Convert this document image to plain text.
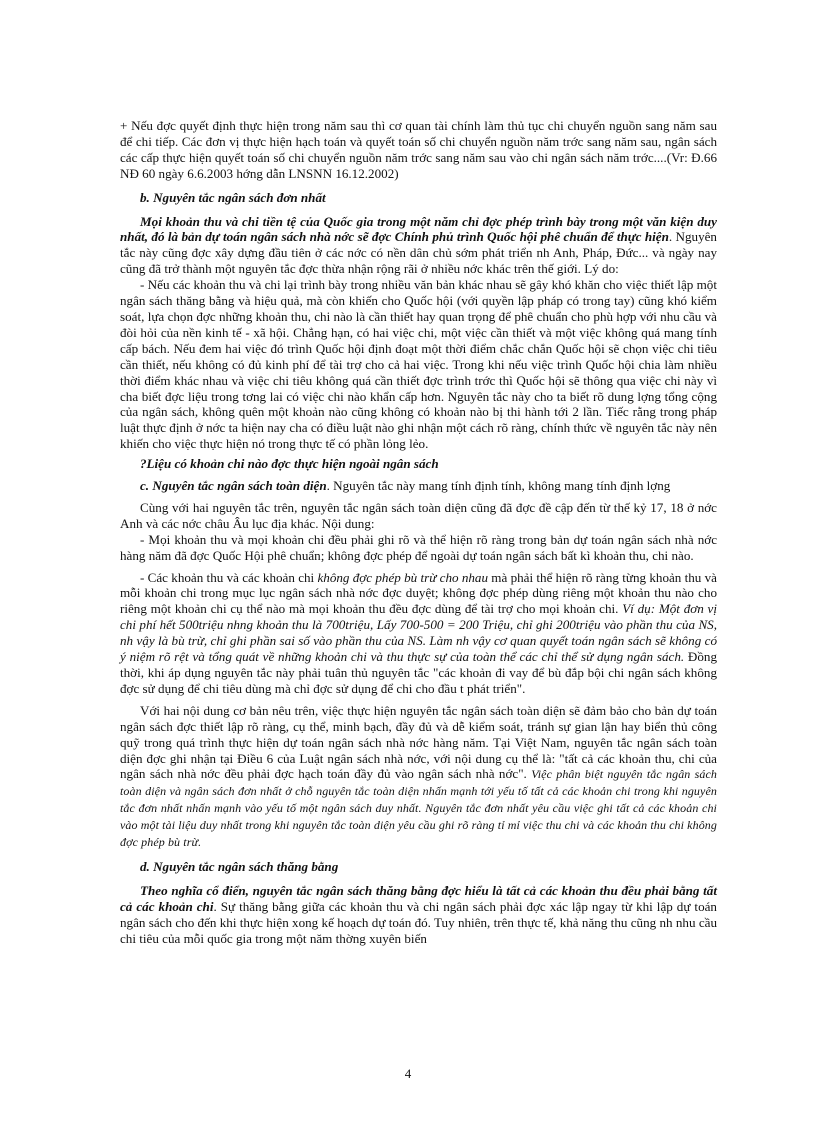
+ Nếu đợc quyết định thực hiện trong năm sau thì cơ quan tài chính làm thủ tục chi chuyển nguồn sang năm sau để chi tiếp. Các đơn vị thực hiện hạch toán và quyết toán số chi chuyển nguồn năm trớc sang năm sau, ngân sách các cấp thực hiện quyết toán số chi chuyển nguồn năm trớc sang năm sau vào chi ngân sách năm trớc....(Vr: Đ.66 NĐ 60 ngày 6.6.2003 hớng dẫn LNSNN 16.12.2002)

b. Nguyên tắc ngân sách đơn nhất

Mọi khoản thu và chi tiền tệ của Quốc gia trong một năm chỉ đợc phép trình bày trong một văn kiện duy nhất, đó là bản dự toán ngân sách nhà nớc sẽ đợc Chính phủ trình Quốc hội phê chuẩn để thực hiện. Nguyên tắc này cũng đợc xây dựng đầu tiên ở các nớc có nền dân chủ sớm phát triển nh Anh, Pháp, Đức... và ngày nay cũng đã trở thành một nguyên tắc đợc thừa nhận rộng rãi ở nhiều nớc khác trên thế giới. Lý do:

- Nếu các khoản thu và chi lại trình bày trong nhiều văn bản khác nhau sẽ gây khó khăn cho việc thiết lập một ngân sách thăng bằng và hiệu quả, mà còn khiến cho Quốc hội (với quyền lập pháp có trong tay) cũng khó kiểm soát, lựa chọn đợc những khoản thu, chi nào là cần thiết hay quan trọng để phê chuẩn cho phù hợp với nhu cầu và đòi hỏi của nền kinh tế - xã hội. Chẳng hạn, có hai việc chi, một việc cần thiết và một việc không quá mang tính cấp bách. Nếu đem hai việc đó trình Quốc hội định đoạt một thời điểm chắc chắn Quốc hội sẽ chọn việc chi tiêu cần thiết, nếu không có đủ kinh phí để tài trợ cho cả hai việc. Trong khi nếu việc trình Quốc hội chia làm nhiều thời điểm khác nhau và việc chi tiêu không quá cần thiết đợc trình trớc thì Quốc hội sẽ thông qua việc chi này vì cha biết đợc liệu trong tơng lai có việc chi nào khẩn cấp hơn. Nguyên tắc này cho ta biết rõ dung lợng tổng cộng của ngân sách, không quên một khoản nào cũng không có khoản nào bị thi hành tới 2 lần. Tiếc rằng trong pháp luật thực định ở nớc ta hiện nay cha có điều luật nào ghi nhận một cách rõ ràng, chính thức về nguyên tắc này nên khiến cho việc thực hiện nó trong thực tế có phần lỏng lẻo.

?Liệu có khoản chi nào đợc thực hiện ngoài ngân sách

c. Nguyên tắc ngân sách toàn diện. Nguyên tắc này mang tính định tính, không mang tính định lợng

Cùng với hai nguyên tắc trên, nguyên tắc ngân sách toàn diện cũng đã đợc đề cập đến từ thế kỷ 17, 18 ở nớc Anh và các nớc châu Âu lục địa khác. Nội dung:

- Mọi khoản thu và mọi khoản chi đều phải ghi rõ và thể hiện rõ ràng trong bản dự toán ngân sách nhà nớc hàng năm đã đợc Quốc Hội phê chuẩn; không đợc phép để ngoài dự toán ngân sách bất kì khoản thu, chi nào.

- Các khoản thu và các khoản chi không đợc phép bù trừ cho nhau mà phải thể hiện rõ ràng từng khoản thu và mỗi khoản chi trong mục lục ngân sách nhà nớc đợc duyệt; không đợc phép dùng riêng một khoản thu nào cho riêng một khoản chi cụ thể nào mà mọi khoản thu đều đợc dùng để tài trợ cho mọi khoản chi. Ví dụ: Một đơn vị chi phí hết 500triệu nhng khoản thu là 700triệu, Lấy 700-500 = 200 Triệu, chỉ ghi 200triệu vào phần thu của NS, nh vậy là bù trừ, chỉ ghi phần sai số vào phần thu của NS. Làm nh vậy cơ quan quyết toán ngân sách sẽ không có ý niệm rõ rệt và tổng quát về những khoản chi và thu thực sự của toàn thể các chỉ thể sử dụng ngân sách. Đồng thời, khi áp dụng nguyên tắc này phải tuân thủ nguyên tắc "các khoản đi vay để bù đắp bội chi ngân sách không đợc sử dụng để chi tiêu dùng mà chỉ đợc sử dụng để chi cho đầu t phát triển".

Với hai nội dung cơ bản nêu trên, việc thực hiện nguyên tắc ngân sách toàn diện sẽ đảm bảo cho bản dự toán ngân sách đợc thiết lập rõ ràng, cụ thể, minh bạch, đầy đủ và dễ kiểm soát, tránh sự gian lận hay biển thủ công quỹ trong quá trình thực hiện dự toán ngân sách nhà nớc hàng năm. Tại Việt Nam, nguyên tắc ngân sách toàn diện đợc ghi nhận tại Điều 6 của Luật ngân sách nhà nớc, với nội dung cụ thể là: "tất cả các khoản thu, chi của ngân sách nhà nớc đều phải đợc hạch toán đầy đủ vào ngân sách nhà nớc". Việc phân biệt nguyên tắc ngân sách toàn diện và ngân sách đơn nhất ở chỗ nguyên tắc toàn diện nhấn mạnh tới yếu tố tất cả các khoản chi trong khi nguyên tắc đơn nhất nhấn mạnh vào yếu tố một ngân sách duy nhất. Nguyên tắc đơn nhất yêu cầu việc ghi tất cả các khoản chi vào một tài liệu duy nhất trong khi nguyên tắc toàn diện yêu cầu ghi rõ ràng tỉ mỉ việc thu chi và các khoản thu chi không đợc phép bù trừ.

d. Nguyên tắc ngân sách thăng bằng

Theo nghĩa cổ điển, nguyên tắc ngân sách thăng bằng đợc hiểu là tất cả các khoản thu đều phải bằng tất cả các khoản chi. Sự thăng bằng giữa các khoản thu và chi ngân sách phải đợc xác lập ngay từ khi lập dự toán ngân sách cho đến khi thực hiện xong kế hoạch dự toán đó. Tuy nhiên, trên thực tế, khả năng thu cũng nh nhu cầu chi tiêu của mỗi quốc gia trong một năm thờng xuyên biến

4
